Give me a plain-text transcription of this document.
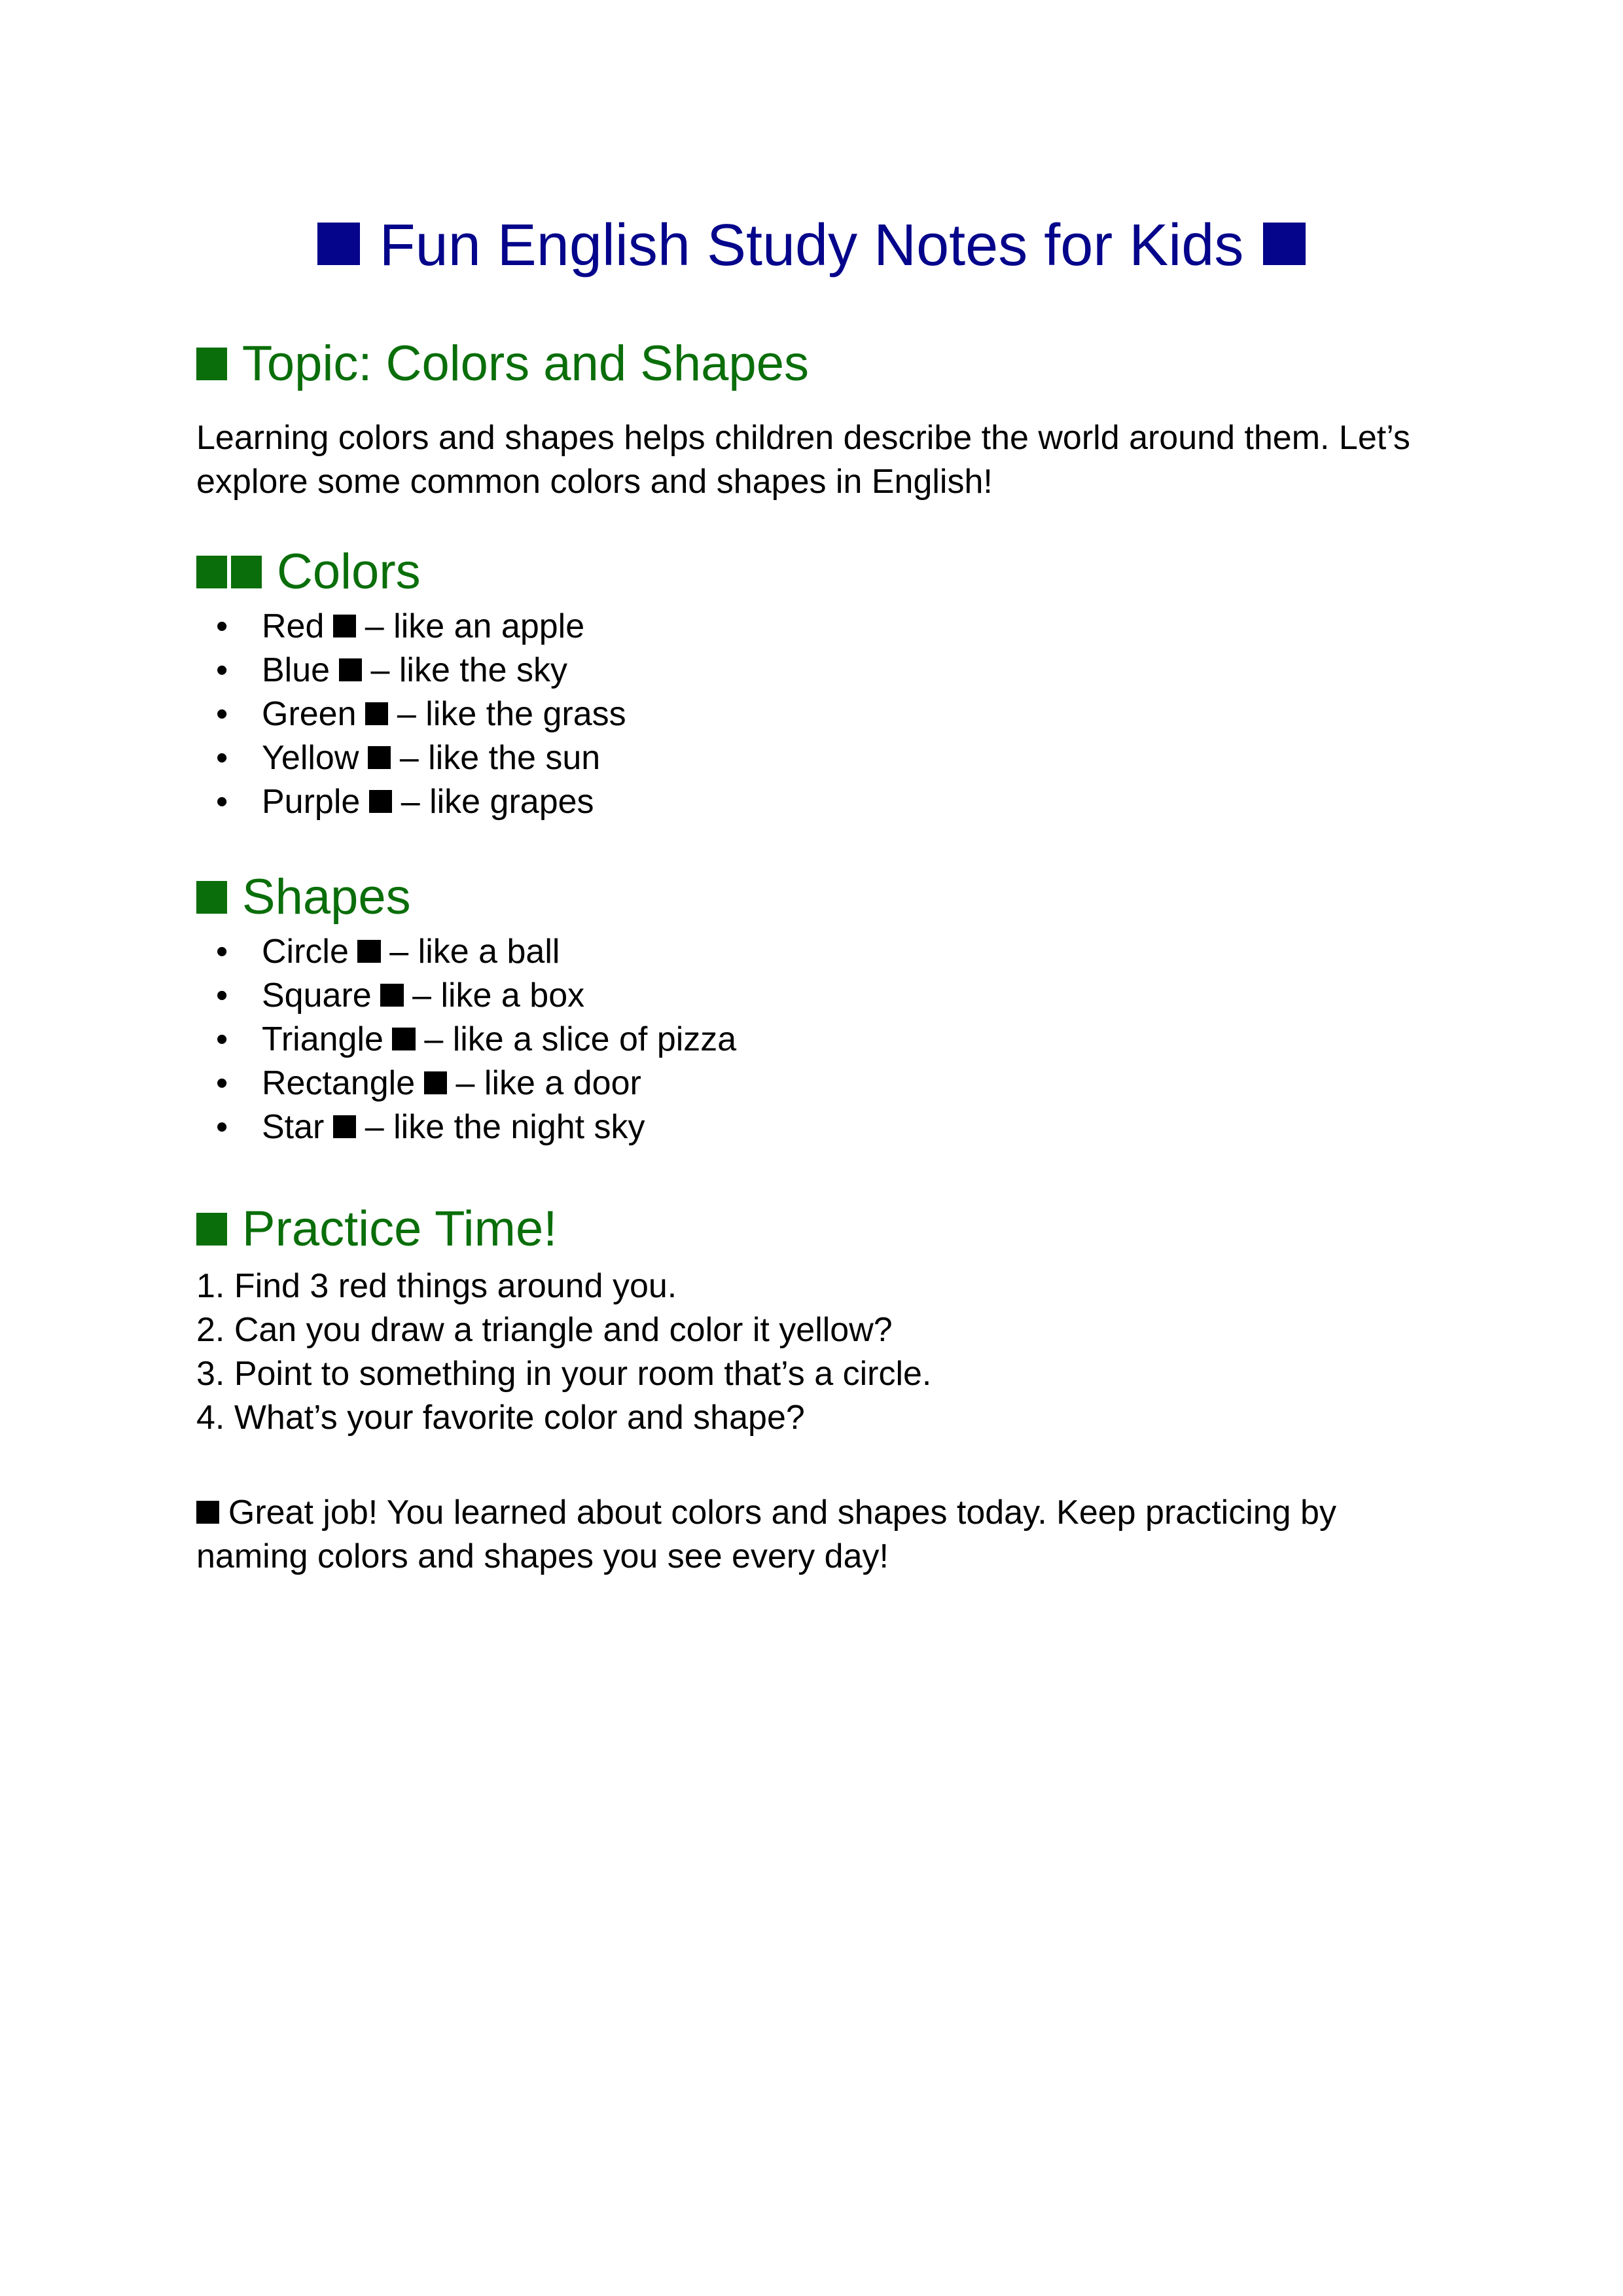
Fun English Study Notes for Kids
Topic: Colors and Shapes

Learning colors and shapes helps children describe the world around them. Let’s explore some common colors and shapes in English!

Colors
• Red – like an apple
• Blue – like the sky
• Green – like the grass
• Yellow – like the sun
• Purple – like grapes
Shapes
• Circle – like a ball
• Square – like a box
• Triangle – like a slice of pizza
• Rectangle – like a door
• Star – like the night sky
Practice Time!
1. Find 3 red things around you.
2. Can you draw a triangle and color it yellow?
3. Point to something in your room that’s a circle.
4. What’s your favorite color and shape?

Great job! You learned about colors and shapes today. Keep practicing by naming colors and shapes you see every day!
